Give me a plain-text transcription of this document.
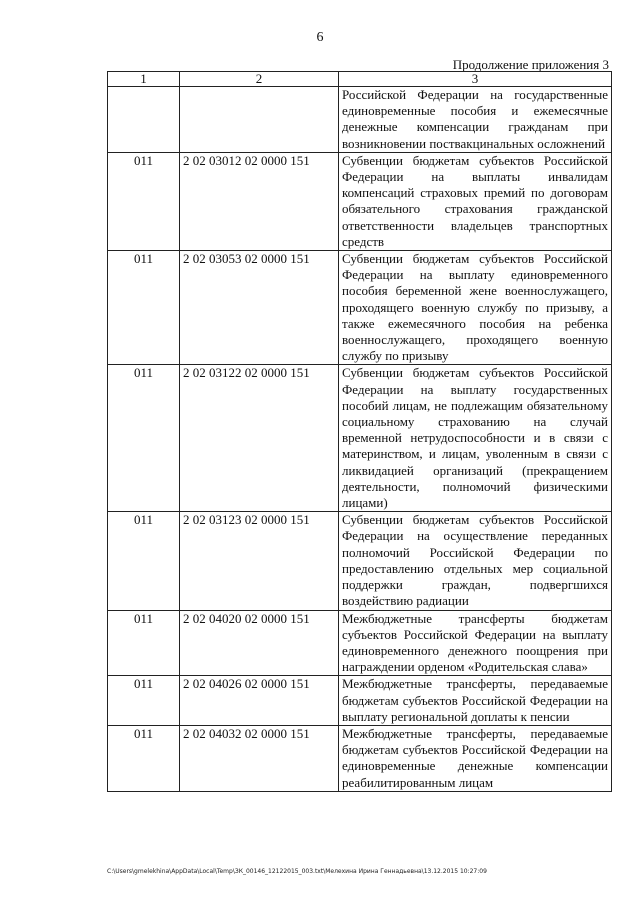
6
Продолжение приложения 3
1	2	3
		Российской Федерации на государственные единовременные пособия и ежемесячные денежные компенсации гражданам при возникновении поствакцинальных осложнений
011	2 02 03012 02 0000 151	Субвенции бюджетам субъектов Российской Федерации на выплаты инвалидам компенсаций страховых премий по договорам обязательного страхования гражданской ответственности владельцев транспортных средств
011	2 02 03053 02 0000 151	Субвенции бюджетам субъектов Российской Федерации на выплату единовременного пособия беременной жене военнослужащего, проходящего военную службу по призыву, а также ежемесячного пособия на ребенка военнослужащего, проходящего военную службу по призыву
011	2 02 03122 02 0000 151	Субвенции бюджетам субъектов Российской Федерации на выплату государственных пособий лицам, не подлежащим обязательному социальному страхованию на случай временной нетрудоспособности и в связи с материнством, и лицам, уволенным в связи с ликвидацией организаций (прекращением деятельности, полномочий физическими лицами)
011	2 02 03123 02 0000 151	Субвенции бюджетам субъектов Российской Федерации на осуществление переданных полномочий Российской Федерации по предоставлению отдельных мер социальной поддержки граждан, подвергшихся воздействию радиации
011	2 02 04020 02 0000 151	Межбюджетные трансферты бюджетам субъектов Российской Федерации на выплату единовременного денежного поощрения при награждении орденом «Родительская слава»
011	2 02 04026 02 0000 151	Межбюджетные трансферты, передаваемые бюджетам субъектов Российской Федерации на выплату региональной доплаты к пенсии
011	2 02 04032 02 0000 151	Межбюджетные трансферты, передаваемые бюджетам субъектов Российской Федерации на единовременные денежные компенсации реабилитированным лицам
C:\Users\gmelekhina\AppData\Local\Temp\ЗК_00146_12122015_003.txt\Мелехина Ирина Геннадьевна\13.12.2015 10:27:09
